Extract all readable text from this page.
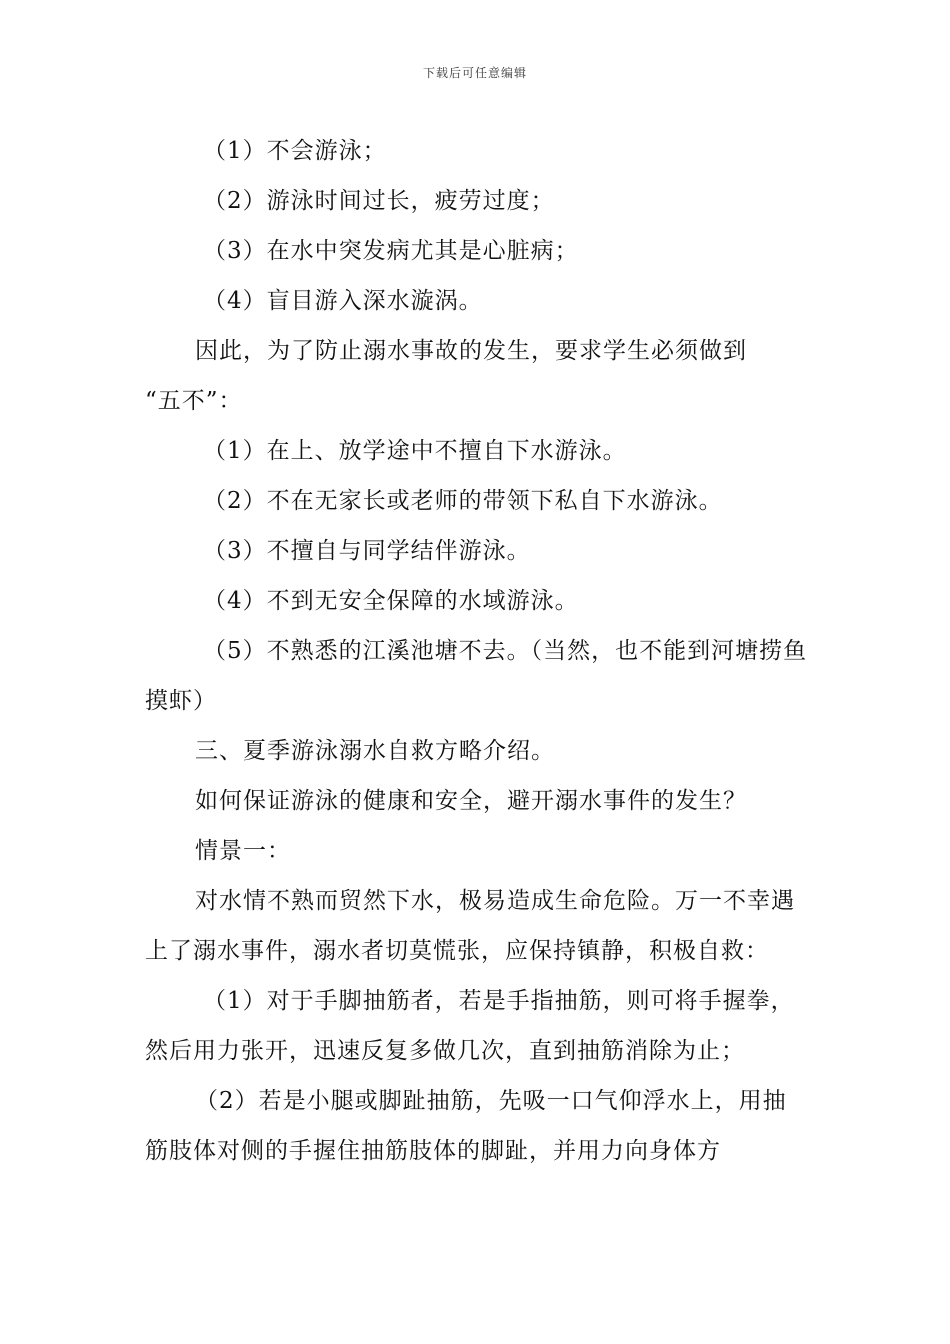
下载后可任意编辑

（1）不会游泳；

（2）游泳时间过长，疲劳过度；

（3）在水中突发病尤其是心脏病；

（4）盲目游入深水漩涡。

因此，为了防止溺水事故的发生，要求学生必须做到

“五不”：

（1）在上、放学途中不擅自下水游泳。

（2）不在无家长或老师的带领下私自下水游泳。

（3）不擅自与同学结伴游泳。

（4）不到无安全保障的水域游泳。

（5）不熟悉的江溪池塘不去。（当然，也不能到河塘捞鱼摸虾）

三、夏季游泳溺水自救方略介绍。

如何保证游泳的健康和安全，避开溺水事件的发生？

情景一：

对水情不熟而贸然下水，极易造成生命危险。万一不幸遇上了溺水事件，溺水者切莫慌张，应保持镇静，积极自救：

（1）对于手脚抽筋者，若是手指抽筋，则可将手握拳，然后用力张开，迅速反复多做几次，直到抽筋消除为止；

（2）若是小腿或脚趾抽筋，先吸一口气仰浮水上，用抽筋肢体对侧的手握住抽筋肢体的脚趾，并用力向身体方
